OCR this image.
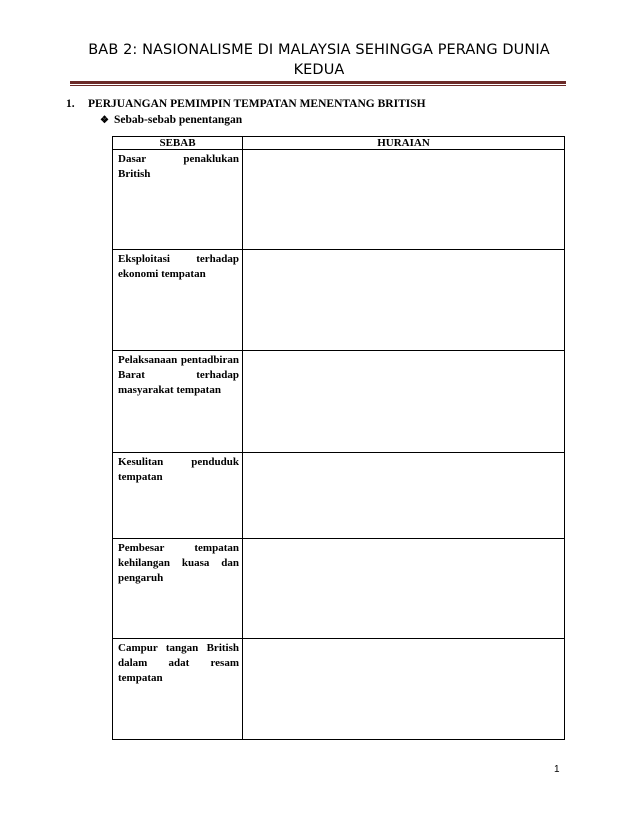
BAB 2: NASIONALISME DI MALAYSIA SEHINGGA PERANG DUNIA KEDUA
1. PERJUANGAN PEMIMPIN TEMPATAN MENENTANG BRITISH
❖ Sebab-sebab penentangan
SEBAB	HURAIAN

Dasar penaklukan British	

Eksploitasi terhadap ekonomi tempatan	

Pelaksanaan pentadbiran Barat terhadap masyarakat tempatan	

Kesulitan penduduk tempatan	

Pembesar tempatan kehilangan kuasa dan pengaruh	

Campur tangan British dalam adat resam tempatan	

1
